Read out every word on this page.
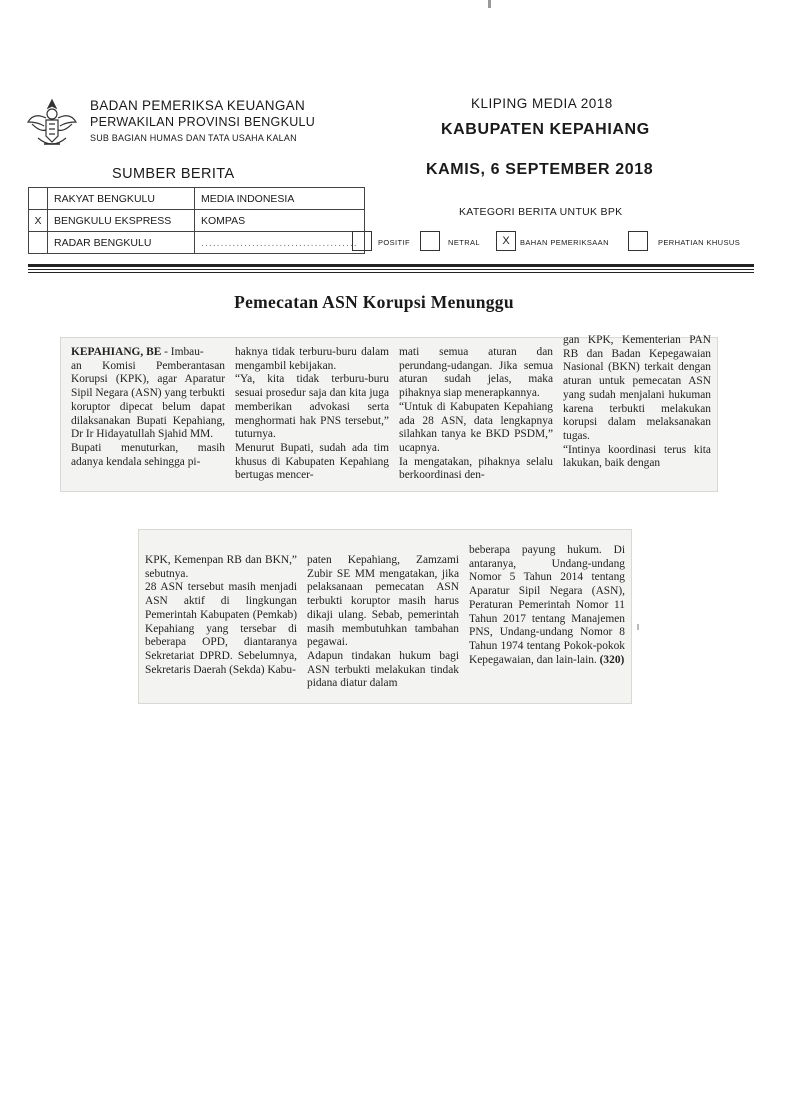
BADAN PEMERIKSA KEUANGAN
PERWAKILAN PROVINSI BENGKULU
SUB BAGIAN HUMAS DAN TATA USAHA KALAN
SUMBER BERITA
	RAKYAT BENGKULU	MEDIA INDONESIA
X	BENGKULU EKSPRESS	KOMPAS
	RADAR BENGKULU	........................................
KLIPING MEDIA 2018
KABUPATEN KEPAHIANG
KAMIS, 6 SEPTEMBER 2018
KATEGORI BERITA UNTUK BPK
POSITIF	NETRAL	X	BAHAN PEMERIKSAAN	PERHATIAN KHUSUS
Pemecatan ASN Korupsi Menunggu
KEPAHIANG, BE - Imbau-
an Komisi Pemberantasan Korupsi (KPK), agar Aparatur Sipil Negara (ASN) yang terbukti koruptor dipecat belum dapat dilaksanakan Bupati Kepahiang, Dr Ir Hidayatullah Sjahid MM.
Bupati menuturkan, masih adanya kendala sehingga pi-
haknya tidak terburu-buru dalam mengambil kebijakan.
“Ya, kita tidak terburu-buru sesuai prosedur saja dan kita juga memberikan advokasi serta menghormati hak PNS tersebut,” tuturnya.
Menurut Bupati, sudah ada tim khusus di Kabupaten Kepahiang bertugas mencer-
mati semua aturan dan perundang-udangan. Jika semua aturan sudah jelas, maka pihaknya siap menerapkannya.
“Untuk di Kabupaten Kepahiang ada 28 ASN, data lengkapnya silahkan tanya ke BKD PSDM,” ucapnya.
Ia mengatakan, pihaknya selalu berkoordinasi den-
gan KPK, Kementerian PAN RB dan Badan Kepegawaian Nasional (BKN) terkait dengan aturan untuk pemecatan ASN yang sudah menjalani hukuman karena terbukti melakukan korupsi dalam melaksanakan tugas.
“Intinya koordinasi terus kita lakukan, baik dengan
KPK, Kemenpan RB dan BKN,” sebutnya.
28 ASN tersebut masih menjadi ASN aktif di lingkungan Pemerintah Kabupaten (Pemkab) Kepahiang yang tersebar di beberapa OPD, diantaranya Sekretariat DPRD. Sebelumnya, Sekretaris Daerah (Sekda) Kabu-
paten Kepahiang, Zamzami Zubir SE MM mengatakan, jika pelaksanaan pemecatan ASN terbukti koruptor masih harus dikaji ulang. Sebab, pemerintah masih membutuhkan tambahan pegawai.
Adapun tindakan hukum bagi ASN terbukti melakukan tindak pidana diatur dalam
beberapa payung hukum. Di antaranya, Undang-undang Nomor 5 Tahun 2014 tentang Aparatur Sipil Negara (ASN), Peraturan Pemerintah Nomor 11 Tahun 2017 tentang Manajemen PNS, Undang-undang Nomor 8 Tahun 1974 tentang Pokok-pokok Kepegawaian, dan lain-lain. (320)
